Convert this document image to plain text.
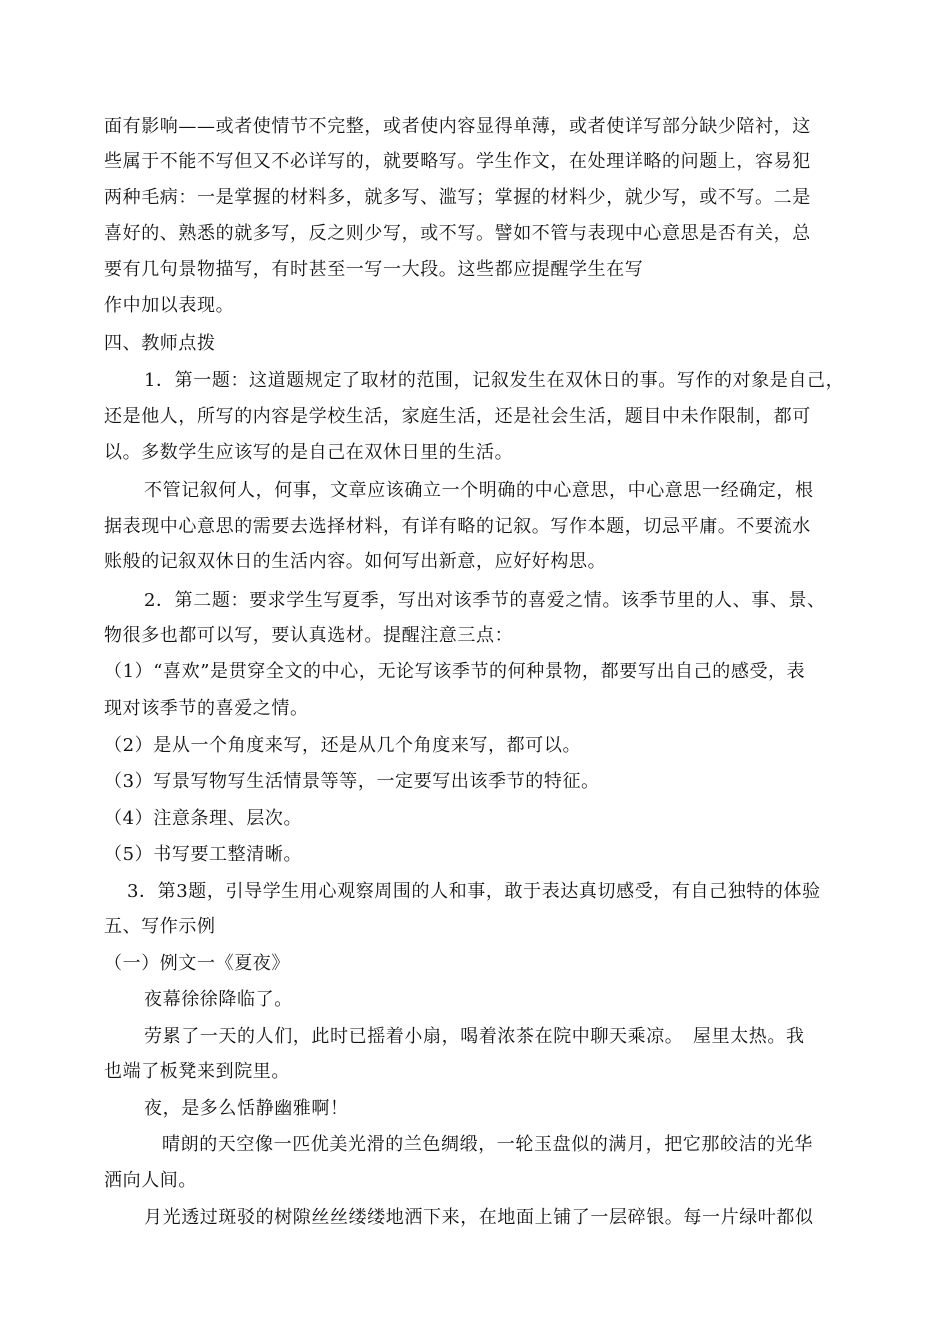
面有影响——或者使情节不完整，或者使内容显得单薄，或者使详写部分缺少陪衬，这
些属于不能不写但又不必详写的，就要略写。学生作文，在处理详略的问题上，容易犯
两种毛病：一是掌握的材料多，就多写、滥写；掌握的材料少，就少写，或不写。二是
喜好的、熟悉的就多写，反之则少写，或不写。譬如不管与表现中心意思是否有关，总
要有几句景物描写，有时甚至一写一大段。这些都应提醒学生在写
作中加以表现。
四、教师点拨
1．第一题：这道题规定了取材的范围，记叙发生在双休日的事。写作的对象是自己，
还是他人，所写的内容是学校生活，家庭生活，还是社会生活，题目中未作限制，都可
以。多数学生应该写的是自己在双休日里的生活。
不管记叙何人，何事，文章应该确立一个明确的中心意思，中心意思一经确定，根
据表现中心意思的需要去选择材料，有详有略的记叙。写作本题，切忌平庸。不要流水
账般的记叙双休日的生活内容。如何写出新意，应好好构思。
2．第二题：要求学生写夏季，写出对该季节的喜爱之情。该季节里的人、事、景、
物很多也都可以写，要认真选材。提醒注意三点：
（1）“喜欢”是贯穿全文的中心，无论写该季节的何种景物，都要写出自己的感受，表
现对该季节的喜爱之情。
（2）是从一个角度来写，还是从几个角度来写，都可以。
（3）写景写物写生活情景等等，一定要写出该季节的特征。
（4）注意条理、层次。
（5）书写要工整清晰。
3．第3题，引导学生用心观察周围的人和事，敢于表达真切感受，有自己独特的体验
五、写作示例
（一）例文一《夏夜》
夜幕徐徐降临了。
劳累了一天的人们，此时已摇着小扇，喝着浓茶在院中聊天乘凉。　屋里太热。我
也端了板凳来到院里。
夜，是多么恬静幽雅啊！
晴朗的天空像一匹优美光滑的兰色绸缎，一轮玉盘似的满月，把它那皎洁的光华
洒向人间。
月光透过斑驳的树隙丝丝缕缕地洒下来，在地面上铺了一层碎银。每一片绿叶都似
